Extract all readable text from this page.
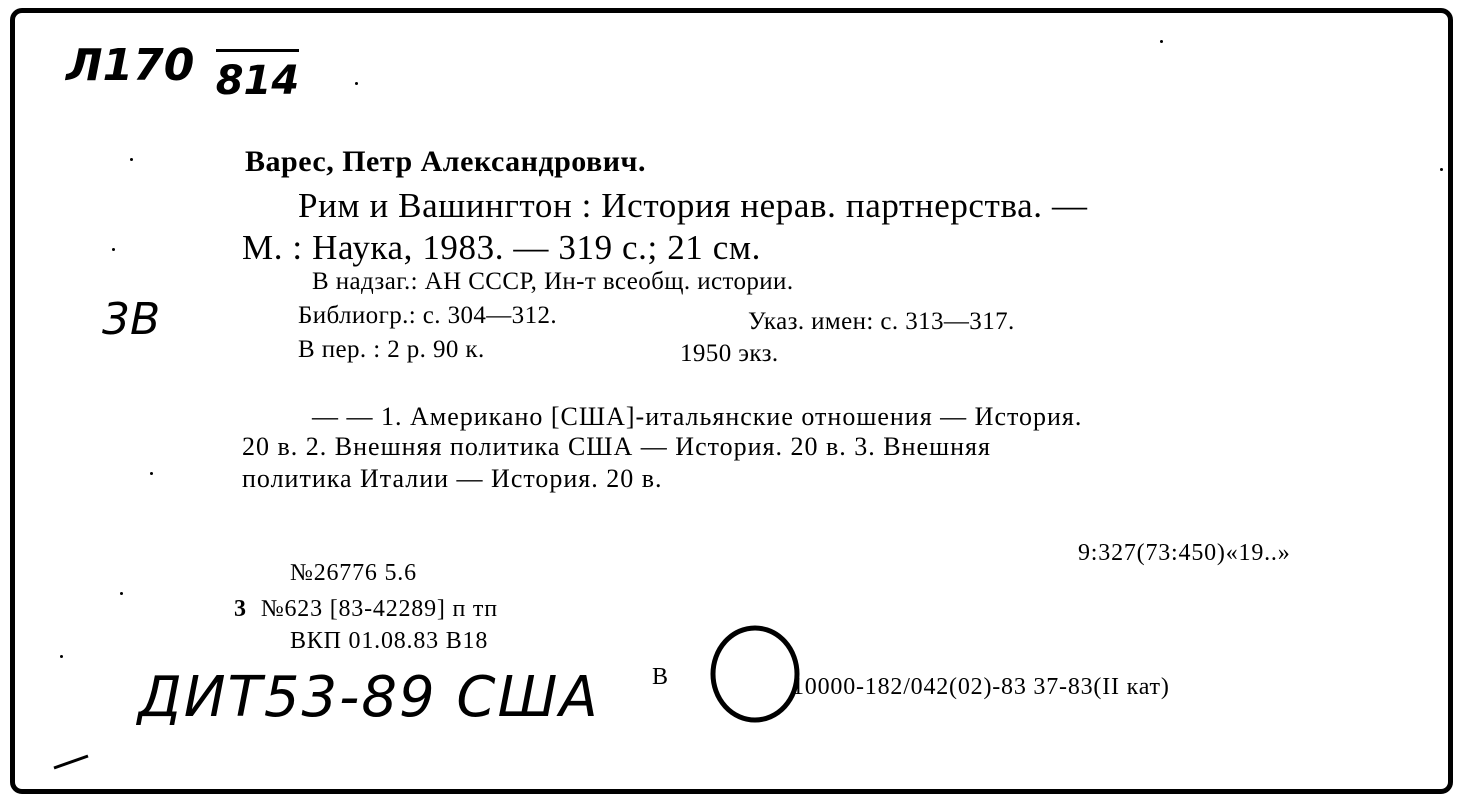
Л170 814
3В
ДИТ53-89 США
Варес, Петр Александрович.
Рим и Вашингтон : История нерав. партнерства. —
М. : Наука, 1983. — 319 с.; 21 см.
В надзаг.: АН СССР, Ин-т всеобщ. истории.
Библиогр.: с. 304—312.	Указ. имен: с. 313—317.
В пер. : 2 р. 90 к.	1950 экз.
— — 1. Американо [США]-итальянские отношения — История.
20 в. 2. Внешняя политика США — История. 20 в. 3. Внешняя
политика Италии — История. 20 в.
9:327(73:450)«19..»
№26776 5.6
3 №623 [83-42289] п тп
ВКП 01.08.83 В18
В	10000-182/042(02)-83 37-83(II кат)
